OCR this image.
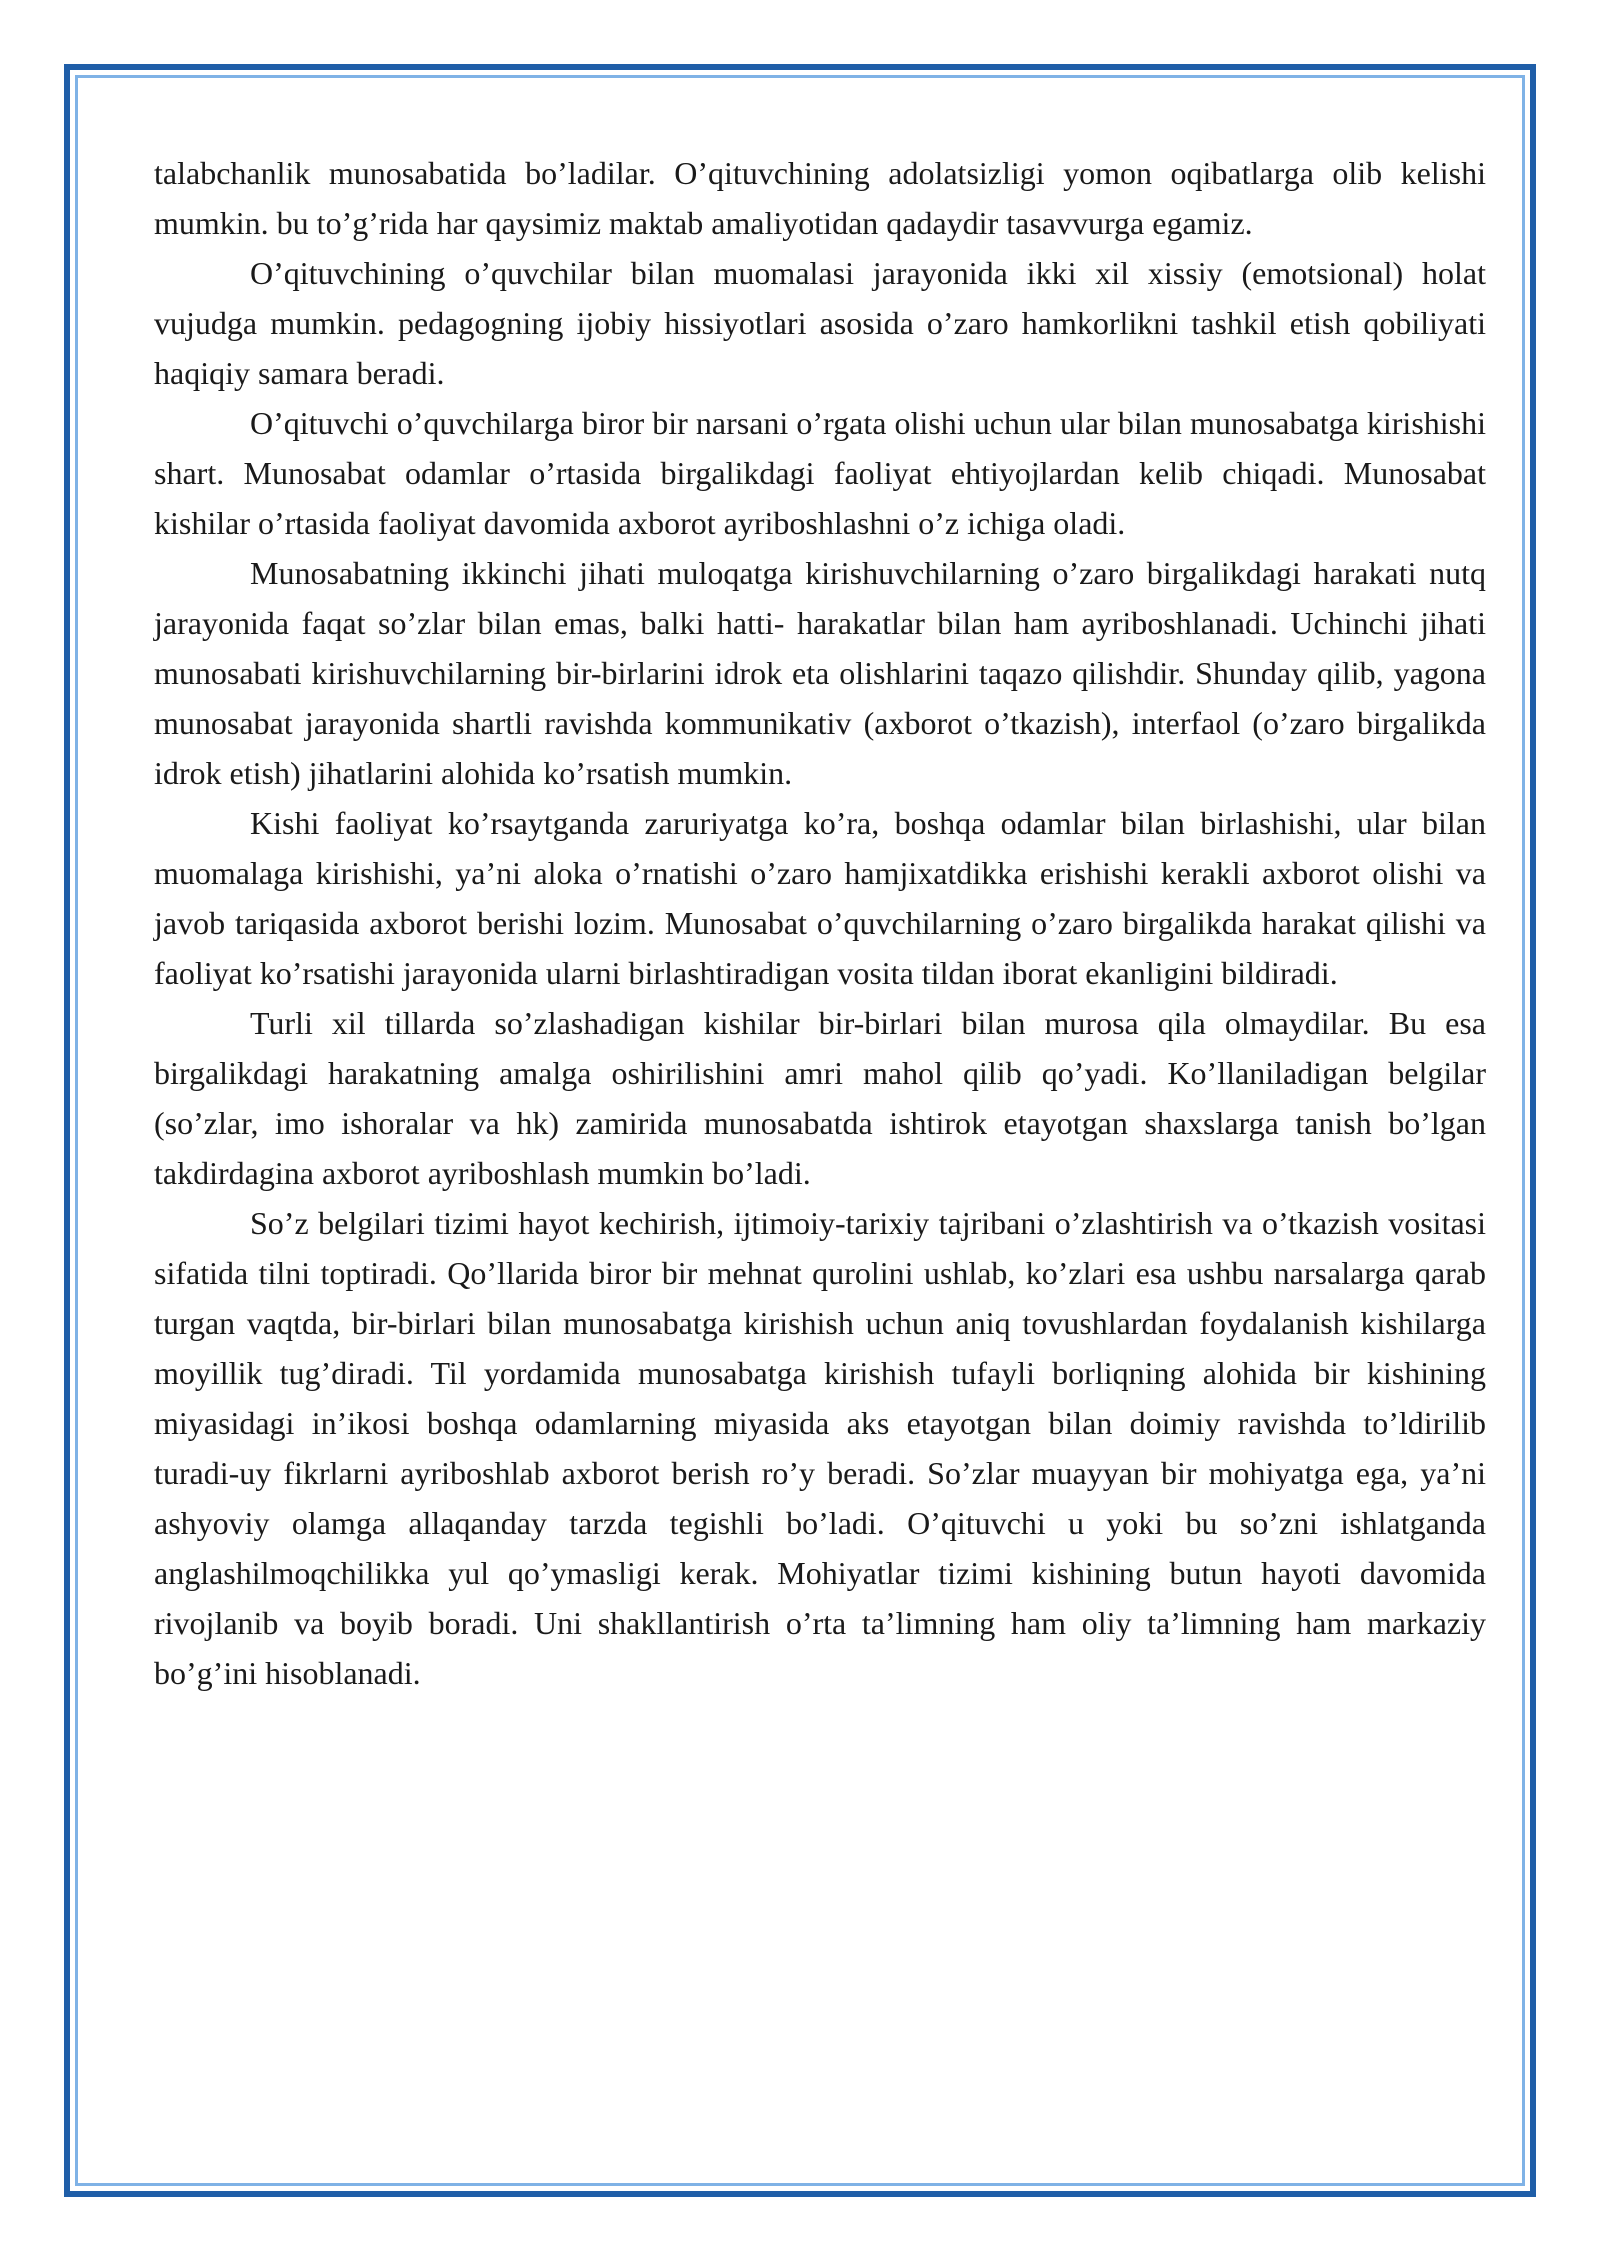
talabchanlik munosabatida bo’ladilar. O’qituvchining adolatsizligi yomon oqibatlarga olib kelishi mumkin. bu to’g’rida har qaysimiz maktab amaliyotidan qadaydir tasavvurga egamiz.

O’qituvchining o’quvchilar bilan muomalasi jarayonida ikki xil xissiy (emotsional) holat vujudga mumkin. pedagogning ijobiy hissiyotlari asosida o’zaro hamkorlikni tashkil etish qobiliyati haqiqiy samara beradi.

O’qituvchi o’quvchilarga biror bir narsani o’rgata olishi uchun ular bilan munosabatga kirishishi shart. Munosabat odamlar o’rtasida birgalikdagi faoliyat ehtiyojlardan kelib chiqadi. Munosabat kishilar o’rtasida faoliyat davomida axborot ayriboshlashni o’z ichiga oladi.

Munosabatning ikkinchi jihati muloqatga kirishuvchilarning o’zaro birgalikdagi harakati nutq jarayonida faqat so’zlar bilan emas, balki hatti- harakatlar bilan ham ayriboshlanadi. Uchinchi jihati munosabati kirishuvchilarning bir-birlarini idrok eta olishlarini taqazo qilishdir. Shunday qilib, yagona munosabat jarayonida shartli ravishda kommunikativ (axborot o’tkazish), interfaol (o’zaro birgalikda idrok etish) jihatlarini alohida ko’rsatish mumkin.

Kishi faoliyat ko’rsaytganda zaruriyatga ko’ra, boshqa odamlar bilan birlashishi, ular bilan muomalaga kirishishi, ya’ni aloka o’rnatishi o’zaro hamjixatdikka erishishi kerakli axborot olishi va javob tariqasida axborot berishi lozim. Munosabat o’quvchilarning o’zaro birgalikda harakat qilishi va faoliyat ko’rsatishi jarayonida ularni birlashtiradigan vosita tildan iborat ekanligini bildiradi.

Turli xil tillarda so’zlashadigan kishilar bir-birlari bilan murosa qila olmaydilar. Bu esa birgalikdagi harakatning amalga oshirilishini amri mahol qilib qo’yadi. Ko’llaniladigan belgilar (so’zlar, imo ishoralar va hk) zamirida munosabatda ishtirok etayotgan shaxslarga tanish bo’lgan takdirdagina axborot ayriboshlash mumkin bo’ladi.

So’z belgilari tizimi hayot kechirish, ijtimoiy-tarixiy tajribani o’zlashtirish va o’tkazish vositasi sifatida tilni toptiradi. Qo’llarida biror bir mehnat qurolini ushlab, ko’zlari esa ushbu narsalarga qarab turgan vaqtda, bir-birlari bilan munosabatga kirishish uchun aniq tovushlardan foydalanish kishilarga moyillik tug’diradi. Til yordamida munosabatga kirishish tufayli borliqning alohida bir kishining miyasidagi in’ikosi boshqa odamlarning miyasida aks etayotgan bilan doimiy ravishda to’ldirilib turadi-uy fikrlarni ayriboshlab axborot berish ro’y beradi. So’zlar muayyan bir mohiyatga ega, ya’ni ashyoviy olamga allaqanday tarzda tegishli bo’ladi. O’qituvchi u yoki bu so’zni ishlatganda anglashilmoqchilikka yul qo’ymasligi kerak. Mohiyatlar tizimi kishining butun hayoti davomida rivojlanib va boyib boradi. Uni shakllantirish o’rta ta’limning ham oliy ta’limning ham markaziy bo’g’ini hisoblanadi.
